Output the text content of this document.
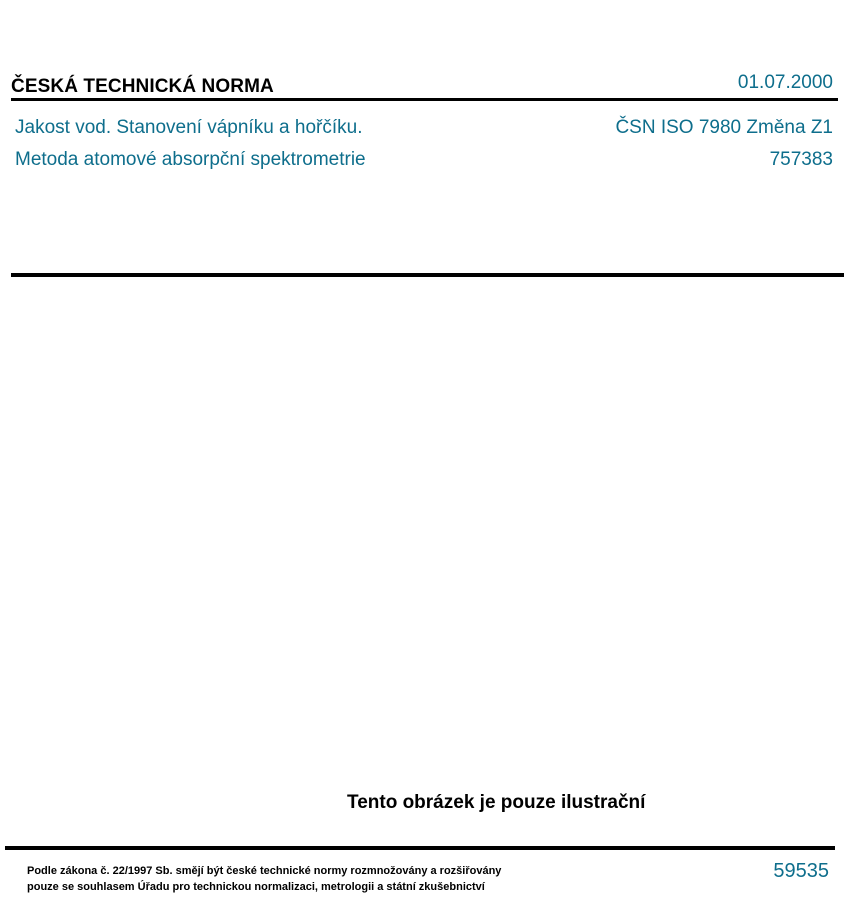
ČESKÁ TECHNICKÁ NORMA	01.07.2000
Jakost vod. Stanovení vápníku a hořčíku.
Metoda atomové absorpční spektrometrie
ČSN ISO 7980 Změna Z1
757383
Tento obrázek je pouze ilustrační
Podle zákona č. 22/1997 Sb. smějí být české technické normy rozmnožovány a rozšiřovány
pouze se souhlasem Úřadu pro technickou normalizaci, metrologii a státní zkušebnictví
59535
